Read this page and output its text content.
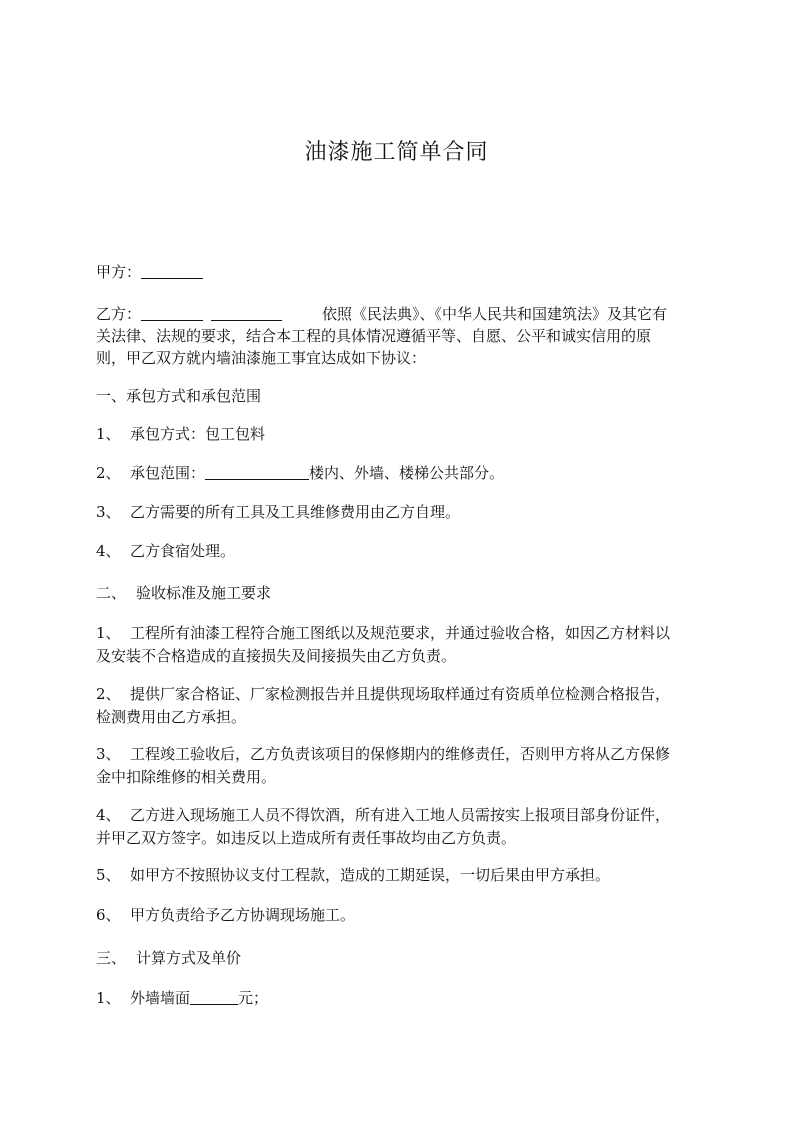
油漆施工简单合同
甲方：
乙方：	依照《民法典》、《中华人民共和国建筑法》及其它有
关法律、法规的要求，结合本工程的具体情况遵循平等、自愿、公平和诚实信用的原
则，甲乙双方就内墙油漆施工事宜达成如下协议：
一、承包方式和承包范围
1、 承包方式：包工包料
2、 承包范围：	楼内、外墙、楼梯公共部分。
3、 乙方需要的所有工具及工具维修费用由乙方自理。
4、 乙方食宿处理。
二、 验收标准及施工要求
1、 工程所有油漆工程符合施工图纸以及规范要求，并通过验收合格，如因乙方材料以
及安装不合格造成的直接损失及间接损失由乙方负责。
2、 提供厂家合格证、厂家检测报告并且提供现场取样通过有资质单位检测合格报告，
检测费用由乙方承担。
3、 工程竣工验收后，乙方负责该项目的保修期内的维修责任，否则甲方将从乙方保修
金中扣除维修的相关费用。
4、 乙方进入现场施工人员不得饮酒，所有进入工地人员需按实上报项目部身份证件，
并甲乙双方签字。如违反以上造成所有责任事故均由乙方负责。
5、 如甲方不按照协议支付工程款，造成的工期延误，一切后果由甲方承担。
6、 甲方负责给予乙方协调现场施工。
三、 计算方式及单价
1、 外墙墙面	元；
